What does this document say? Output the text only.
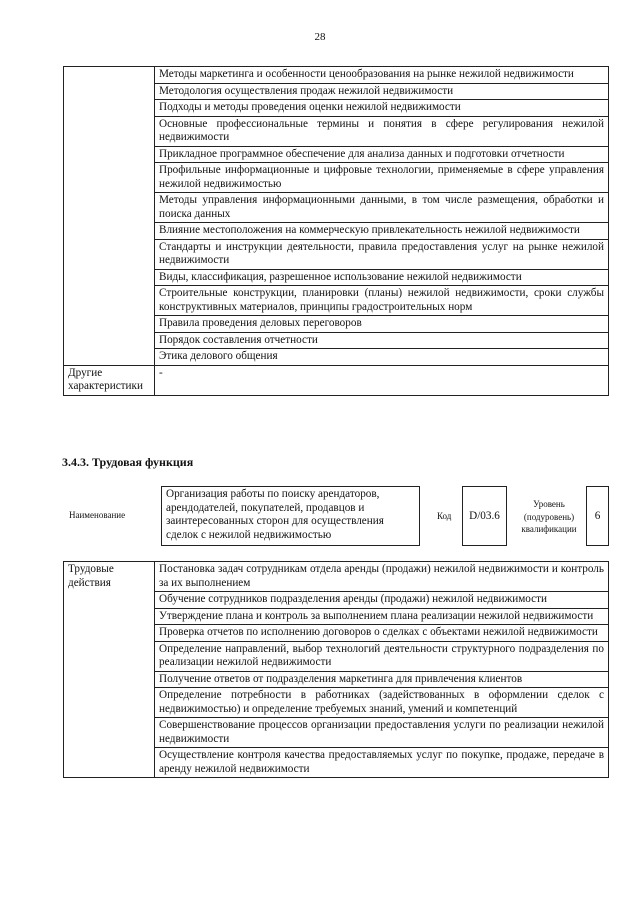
28
	Методы маркетинга и особенности ценообразования на рынке нежилой недвижимости
	Методология осуществления продаж нежилой недвижимости
	Подходы и методы проведения оценки нежилой недвижимости
	Основные профессиональные термины и понятия в сфере регулирования нежилой недвижимости
	Прикладное программное обеспечение для анализа данных и подготовки отчетности
	Профильные информационные и цифровые технологии, применяемые в сфере управления нежилой недвижимостью
	Методы управления информационными данными, в том числе размещения, обработки и поиска данных
	Влияние местоположения на коммерческую привлекательность нежилой недвижимости
	Стандарты и инструкции деятельности, правила предоставления услуг на рынке нежилой недвижимости
	Виды, классификация, разрешенное использование нежилой недвижимости
	Строительные конструкции, планировки (планы) нежилой недвижимости, сроки службы конструктивных материалов, принципы градостроительных норм
	Правила проведения деловых переговоров
	Порядок составления отчетности
	Этика делового общения
Другие характеристики	-
3.4.3. Трудовая функция
Наименование
Организация работы по поиску арендаторов, арендодателей, покупателей, продавцов и заинтересованных сторон для осуществления сделок с нежилой недвижимостью
Код	D/03.6
Уровень (подуровень) квалификации
6
Трудовые действия	Постановка задач сотрудникам отдела аренды (продажи) нежилой недвижимости и контроль за их выполнением
Обучение сотрудников подразделения аренды (продажи) нежилой недвижимости
Утверждение плана и контроль за выполнением плана реализации нежилой недвижимости
Проверка отчетов по исполнению договоров о сделках с объектами нежилой недвижимости
Определение направлений, выбор технологий деятельности структурного подразделения по реализации нежилой недвижимости
Получение ответов от подразделения маркетинга для привлечения клиентов
Определение потребности в работниках (задействованных в оформлении сделок с недвижимостью) и определение требуемых знаний, умений и компетенций
Совершенствование процессов организации предоставления услуги по реализации нежилой недвижимости
Осуществление контроля качества предоставляемых услуг по покупке, продаже, передаче в аренду нежилой недвижимости
